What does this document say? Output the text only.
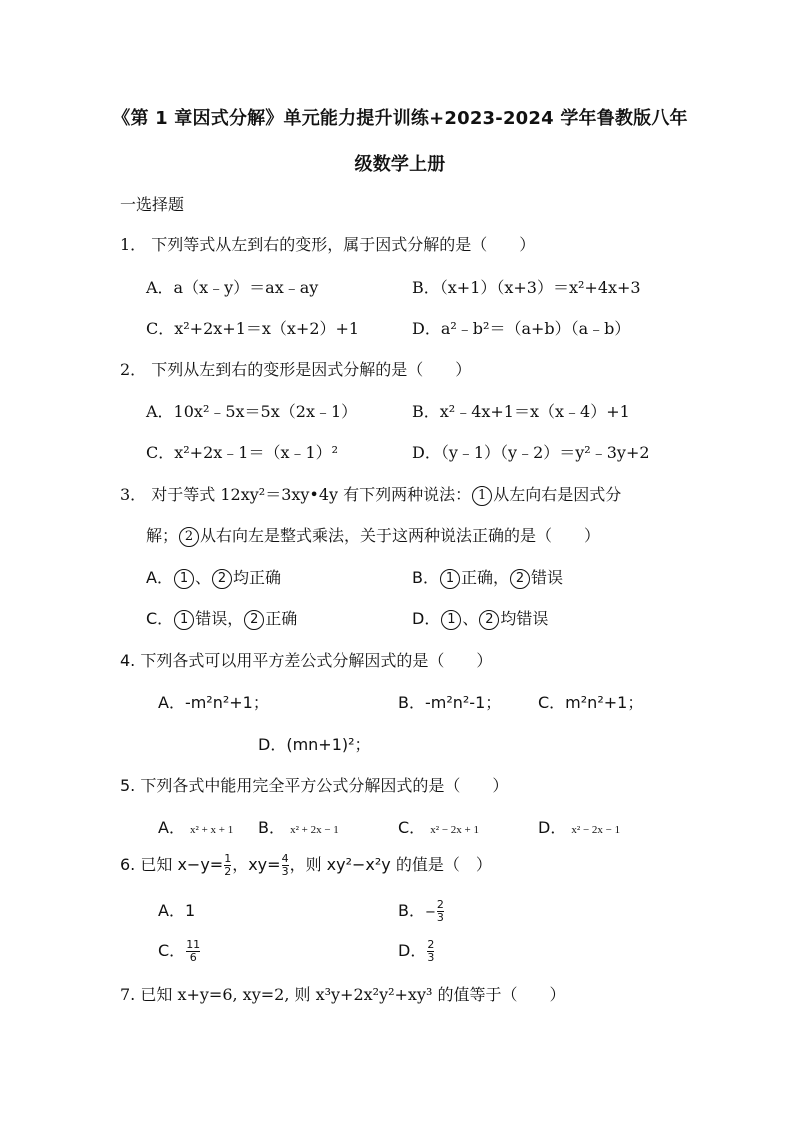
《第 1 章因式分解》单元能力提升训练+2023-2024 学年鲁教版八年
级数学上册
一选择题
1． 下列等式从左到右的变形，属于因式分解的是（　　）
A．a（x﹣y）＝ax﹣ay	B．（x+1）（x+3）＝x²+4x+3
C．x²+2x+1＝x（x+2）+1	D．a²﹣b²＝（a+b）（a﹣b）
2． 下列从左到右的变形是因式分解的是（　　）
A．10x²﹣5x＝5x（2x﹣1）	B．x²﹣4x+1＝x（x﹣4）+1
C．x²+2x﹣1＝（x﹣1）²	D．（y﹣1）（y﹣2）＝y²﹣3y+2
3． 对于等式 12xy²＝3xy•4y 有下列两种说法： 1 从左向右是因式分
解； 2 从右向左是整式乘法，关于这两种说法正确的是（　　）
A． 1 、 2 均正确	B． 1 正确， 2 错误
C． 1 错误， 2 正确	D． 1 、 2 均错误
4. 下列各式可以用平方差公式分解因式的是（　　）
A．-m²n²+1；	B．-m²n²-1； C．m²n²+1；
D．(mn+1)²；
5. 下列各式中能用完全平方公式分解因式的是（　　）
A． x² + x + 1 B． x² + 2x − 1	C． x² − 2x + 1	D． x² − 2x − 1
6. 已知 $x-y= \frac{1}{2}$ ，$xy= \frac{4}{3}$ ，则 xy²−x²y 的值是（　）
A．1	B．− $\frac{2}{3}$
C． $\frac{11}{6}$	D． $\frac{2}{3}$
7. 已知 x+y=6, xy=2, 则 x³y+2x²y²+xy³ 的值等于（　　）
